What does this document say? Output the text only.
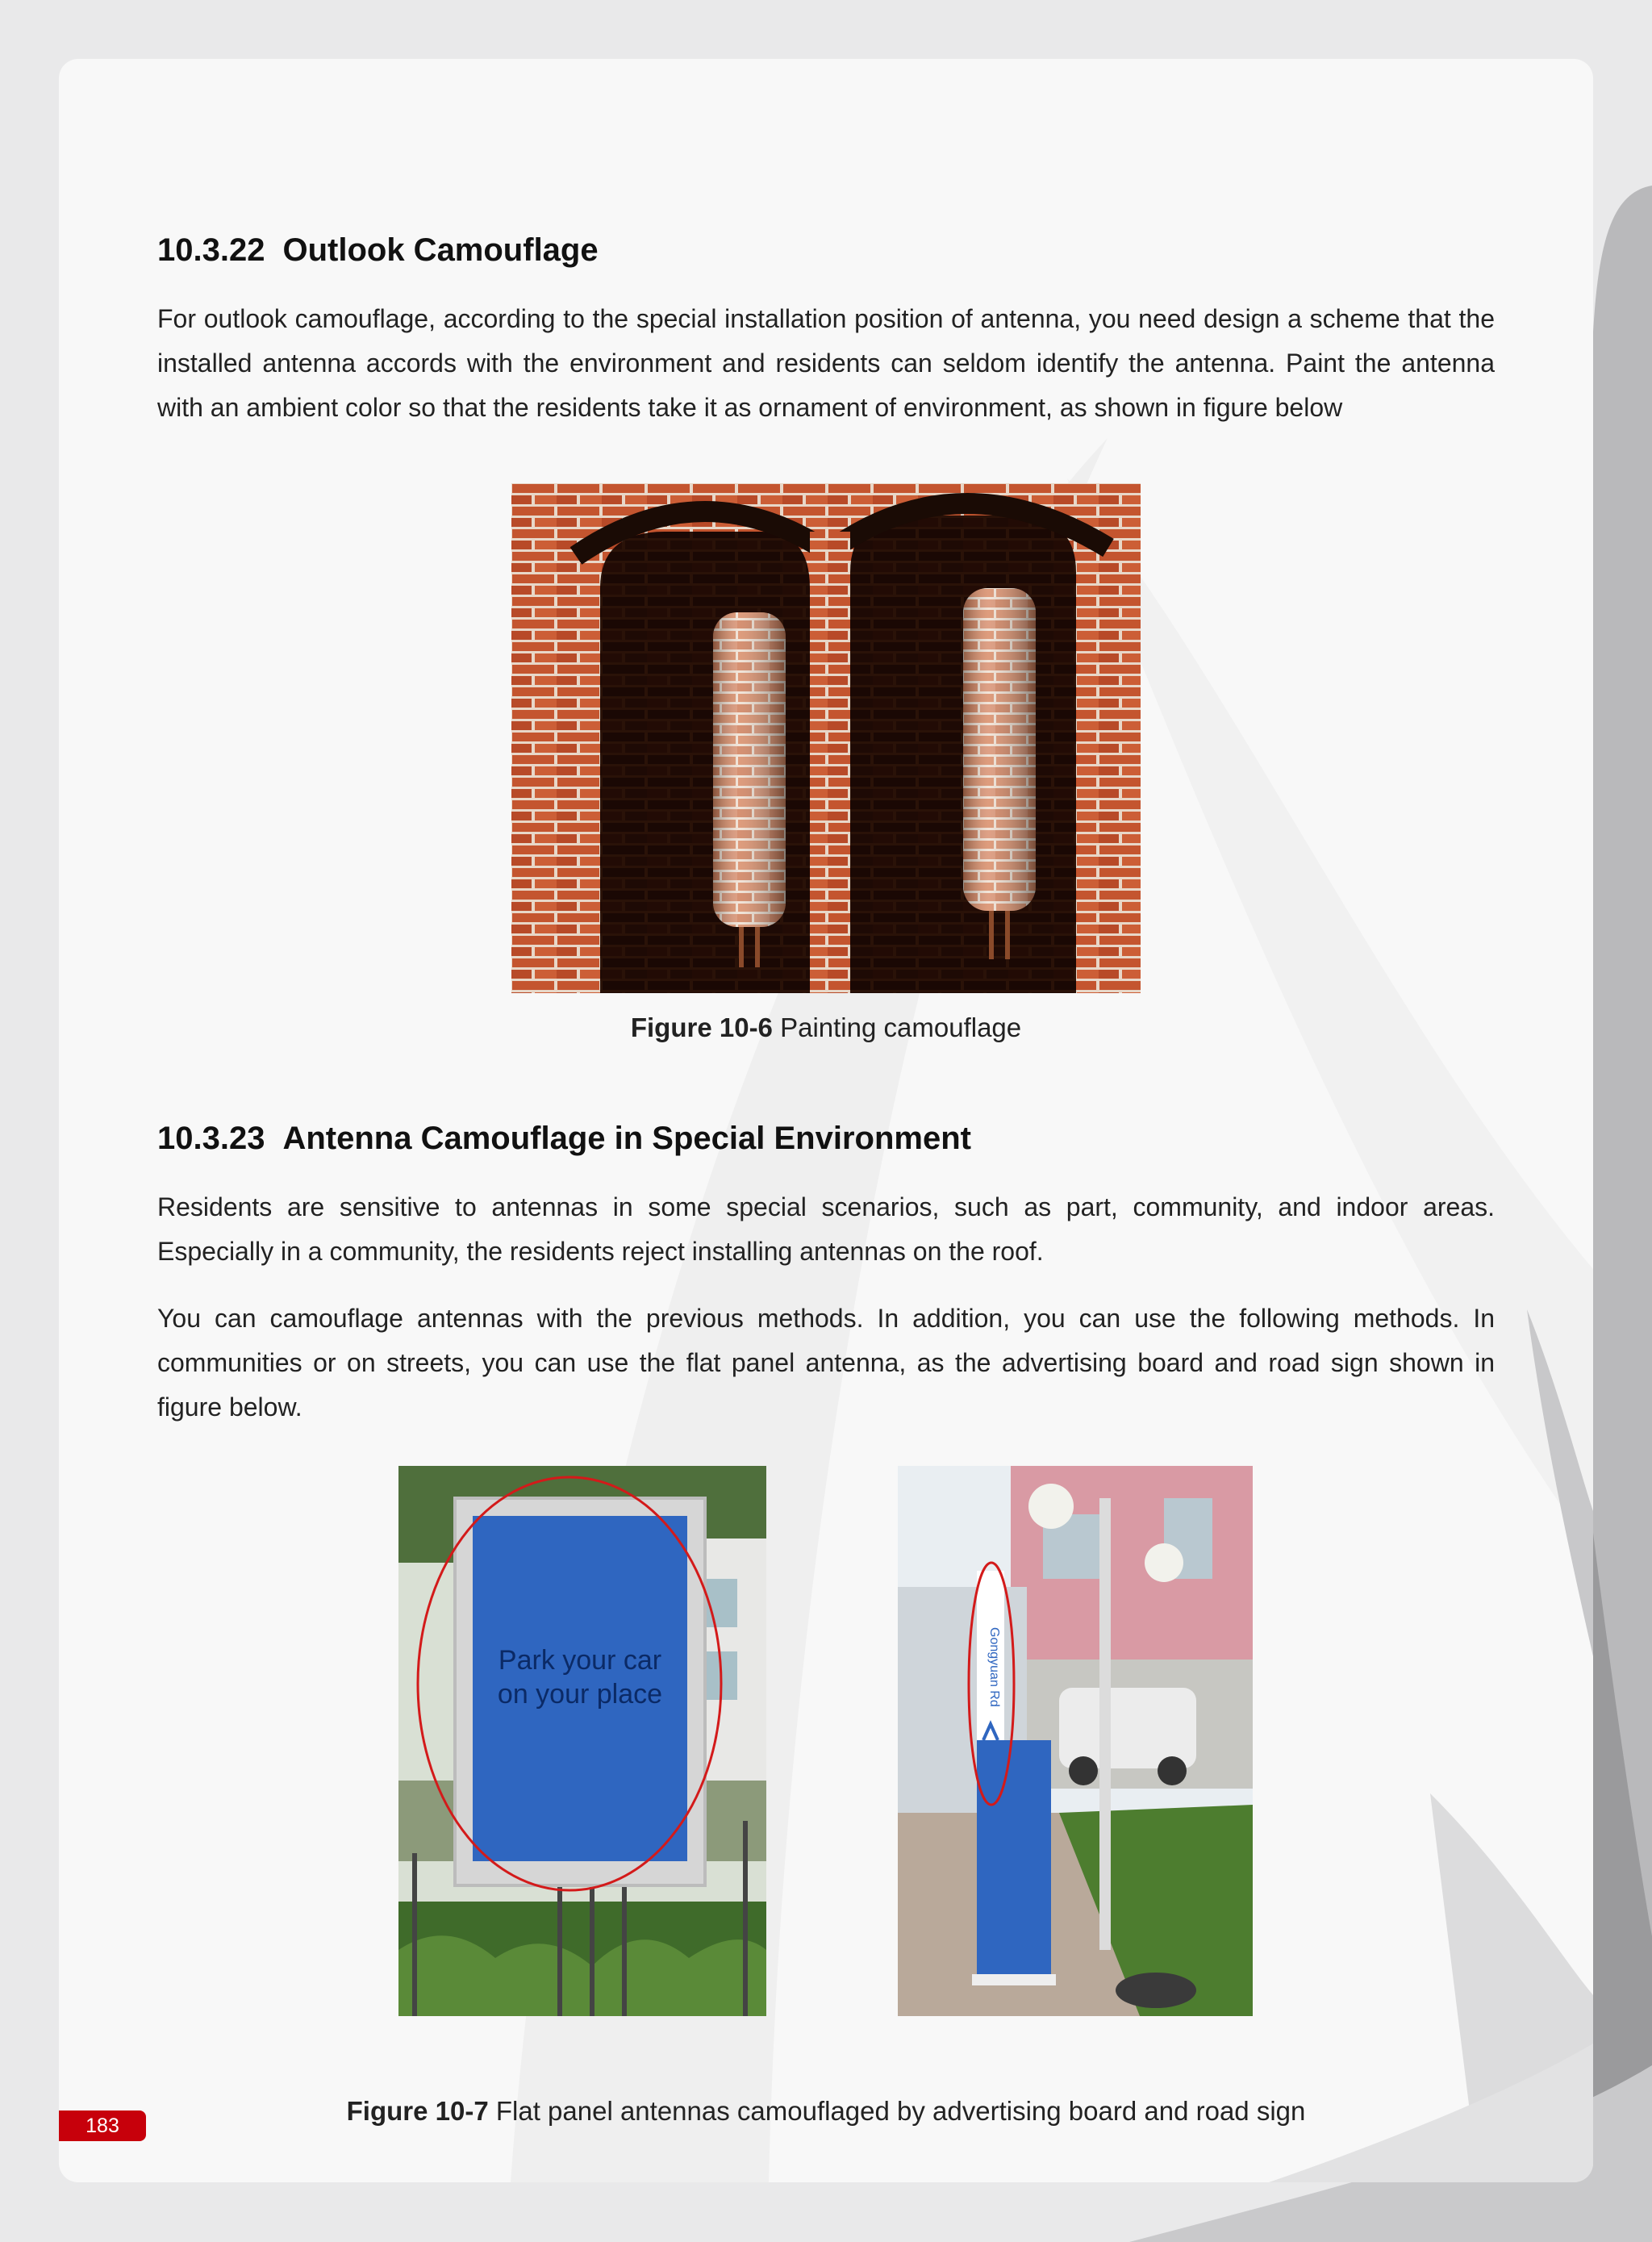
10.3.22 Outlook Camouflage

For outlook camouflage, according to the special installation position of antenna, you need design a scheme that the installed antenna accords with the environment and residents can seldom identify the antenna. Paint the antenna with an ambient color so that the residents take it as ornament of environment, as shown in figure below

Figure 10-6 Painting camouflage

10.3.23 Antenna Camouflage in Special Environment

Residents are sensitive to antennas in some special scenarios, such as part, community, and indoor areas. Especially in a community, the residents reject installing antennas on the roof.

You can camouflage antennas with the previous methods. In addition, you can use the following methods. In communities or on streets, you can use the flat panel antenna, as the advertising board and road sign shown in figure below.

Park your car
on your place	Gongyuan Rd

Figure 10-7 Flat panel antennas camouflaged by advertising board and road sign

183
